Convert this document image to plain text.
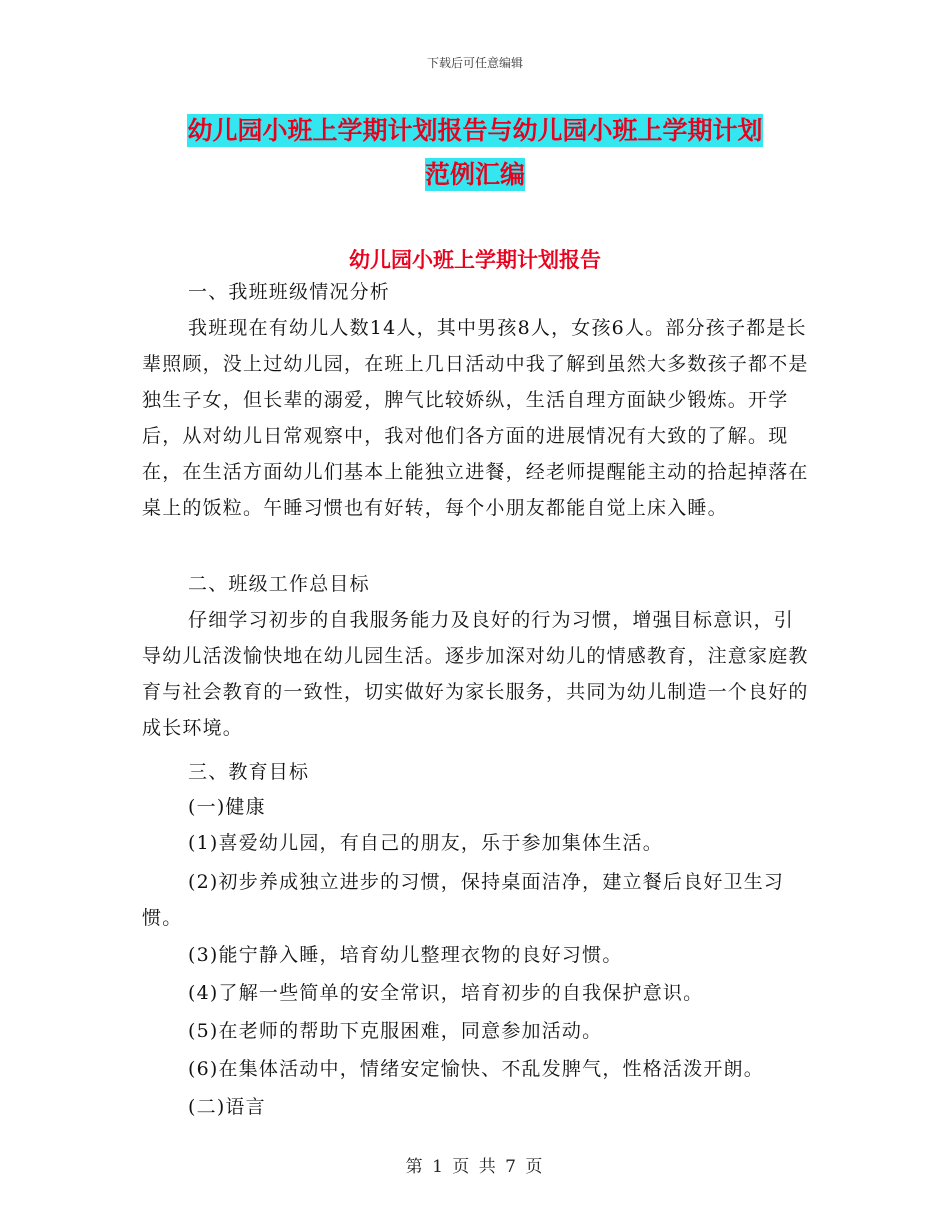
下载后可任意编辑
幼儿园小班上学期计划报告与幼儿园小班上学期计划
范例汇编
幼儿园小班上学期计划报告
一、我班班级情况分析
我班现在有幼儿人数14人，其中男孩8人，女孩6人。部分孩子都是长辈照顾，没上过幼儿园，在班上几日活动中我了解到虽然大多数孩子都不是独生子女，但长辈的溺爱，脾气比较娇纵，生活自理方面缺少锻炼。开学后，从对幼儿日常观察中，我对他们各方面的进展情况有大致的了解。现在，在生活方面幼儿们基本上能独立进餐，经老师提醒能主动的拾起掉落在桌上的饭粒。午睡习惯也有好转，每个小朋友都能自觉上床入睡。
二、班级工作总目标
仔细学习初步的自我服务能力及良好的行为习惯，增强目标意识，引导幼儿活泼愉快地在幼儿园生活。逐步加深对幼儿的情感教育，注意家庭教育与社会教育的一致性，切实做好为家长服务，共同为幼儿制造一个良好的成长环境。
三、教育目标
(一)健康
(1)喜爱幼儿园，有自己的朋友，乐于参加集体生活。
(2)初步养成独立进步的习惯，保持桌面洁净，建立餐后良好卫生习惯。
(3)能宁静入睡，培育幼儿整理衣物的良好习惯。
(4)了解一些简单的安全常识，培育初步的自我保护意识。
(5)在老师的帮助下克服困难，同意参加活动。
(6)在集体活动中，情绪安定愉快、不乱发脾气，性格活泼开朗。
(二)语言
第 1 页 共 7 页
